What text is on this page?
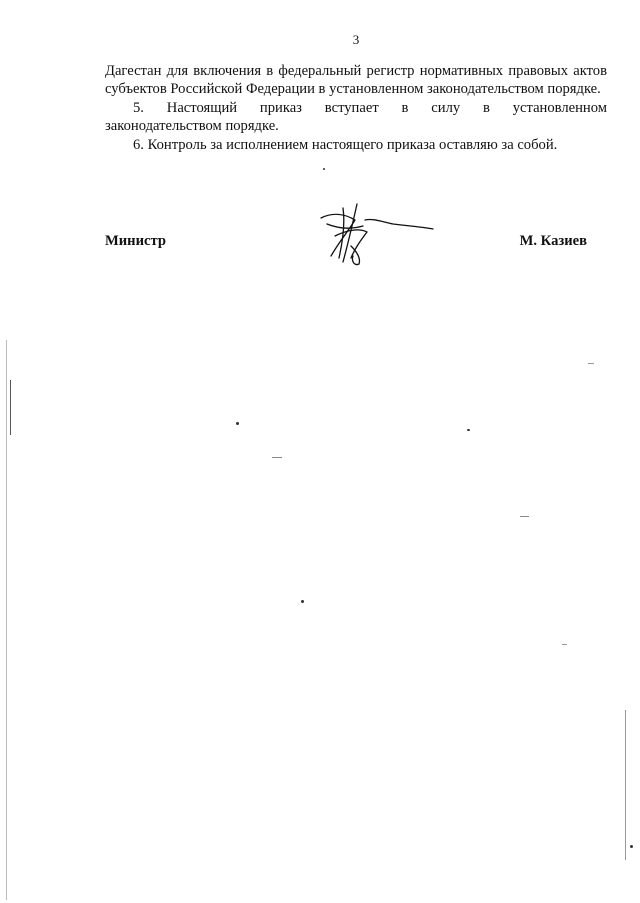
3

Дагестан для включения в федеральный регистр нормативных правовых актов субъектов Российской Федерации в установленном законодательством порядке.

5. Настоящий приказ вступает в силу в установленном

законодательством порядке.

6. Контроль за исполнением настоящего приказа оставляю за собой.

Министр	М. Казиев
